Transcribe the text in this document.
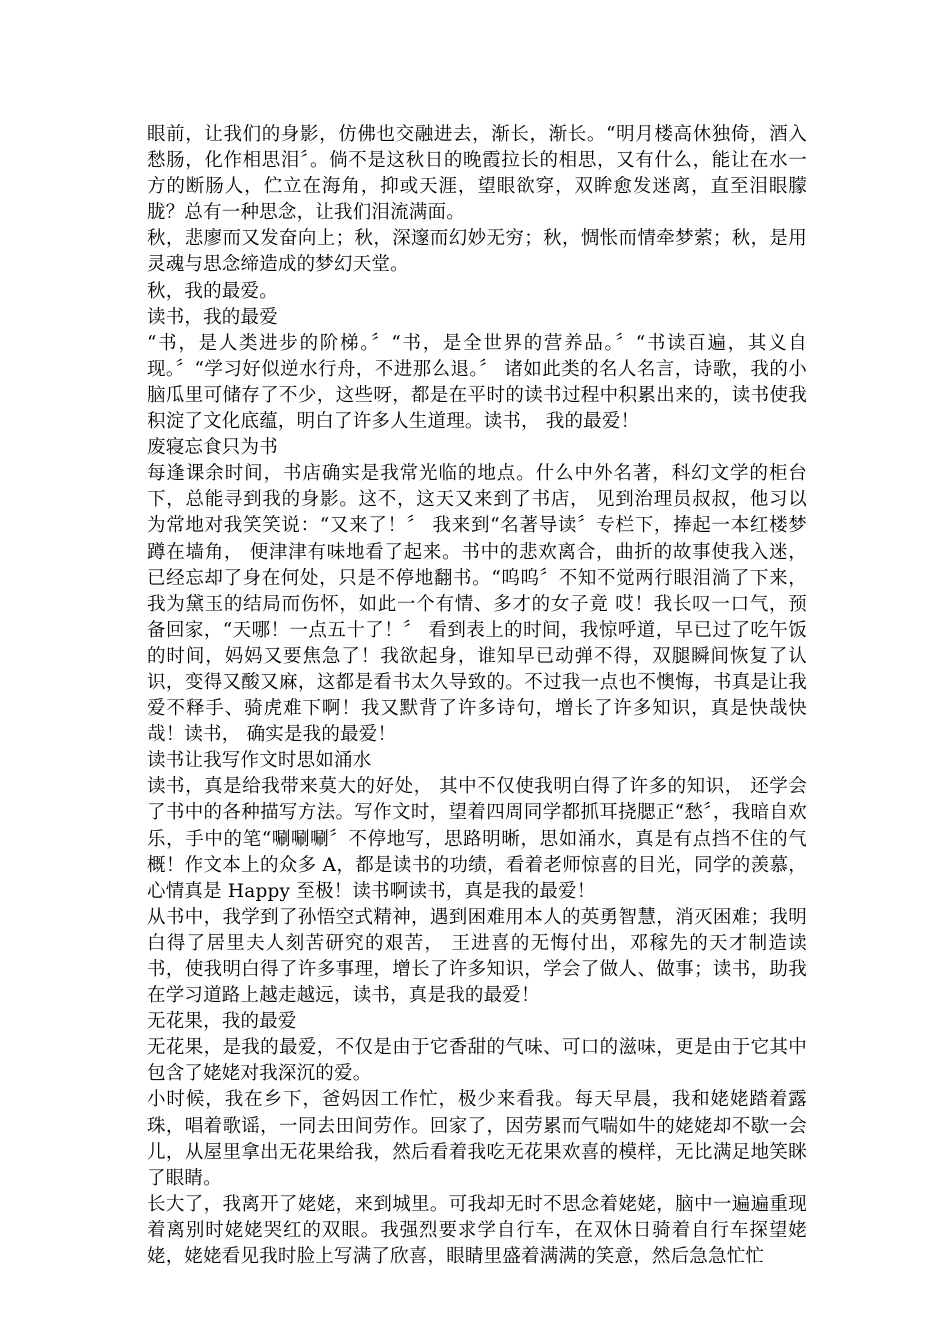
眼前，让我们的身影，仿佛也交融进去，渐长，渐长。“明月楼高休独倚，酒入愁肠，化作相思泪〞。倘不是这秋日的晚霞拉长的相思，又有什么，能让在水一方的断肠人，伫立在海角，抑或天涯，望眼欲穿，双眸愈发迷离，直至泪眼朦胧？总有一种思念，让我们泪流满面。

秋，悲廖而又发奋向上；秋，深邃而幻妙无穷；秋，惆怅而情牵梦萦；秋，是用灵魂与思念缔造成的梦幻天堂。

秋，我的最爱。

读书，我的最爱

“书，是人类进步的阶梯。〞“书，是全世界的营养品。〞“书读百遍，其义自现。〞“学习好似逆水行舟，不进那么退。〞 诸如此类的名人名言，诗歌，我的小脑瓜里可储存了不少，这些呀，都是在平时的读书过程中积累出来的，读书使我积淀了文化底蕴，明白了许多人生道理。读书， 我的最爱！

废寝忘食只为书

每逢课余时间，书店确实是我常光临的地点。什么中外名著，科幻文学的柜台下，总能寻到我的身影。这不，这天又来到了书店， 见到治理员叔叔，他习以为常地对我笑笑说：“又来了！〞 我来到“名著导读〞专栏下，捧起一本红楼梦蹲在墙角， 便津津有味地看了起来。书中的悲欢离合，曲折的故事使我入迷，已经忘却了身在何处，只是不停地翻书。“呜呜〞不知不觉两行眼泪淌了下来，我为黛玉的结局而伤怀，如此一个有情、多才的女子竟 哎！我长叹一口气，预备回家，“天哪！一点五十了！〞 看到表上的时间，我惊呼道，早已过了吃午饭的时间，妈妈又要焦急了！我欲起身，谁知早已动弹不得，双腿瞬间恢复了认识，变得又酸又麻，这都是看书太久导致的。不过我一点也不懊悔，书真是让我爱不释手、骑虎难下啊！我又默背了许多诗句，增长了许多知识，真是快哉快哉！读书， 确实是我的最爱！

读书让我写作文时思如涌水

读书，真是给我带来莫大的好处， 其中不仅使我明白得了许多的知识， 还学会了书中的各种描写方法。写作文时，望着四周同学都抓耳挠腮正“愁〞，我暗自欢乐，手中的笔“唰唰唰〞不停地写，思路明晰，思如涌水，真是有点挡不住的气概！作文本上的众多 A，都是读书的功绩，看着老师惊喜的目光，同学的羡慕，心情真是 Happy 至极！读书啊读书，真是我的最爱！

从书中，我学到了孙悟空式精神，遇到困难用本人的英勇智慧，消灭困难；我明白得了居里夫人刻苦研究的艰苦， 王进喜的无悔付出，邓稼先的天才制造读书，使我明白得了许多事理，增长了许多知识，学会了做人、做事；读书，助我在学习道路上越走越远，读书，真是我的最爱！

无花果，我的最爱

无花果，是我的最爱，不仅是由于它香甜的气味、可口的滋味，更是由于它其中包含了姥姥对我深沉的爱。

小时候，我在乡下，爸妈因工作忙，极少来看我。每天早晨，我和姥姥踏着露珠，唱着歌谣，一同去田间劳作。回家了，因劳累而气喘如牛的姥姥却不歇一会儿，从屋里拿出无花果给我，然后看着我吃无花果欢喜的模样，无比满足地笑眯了眼睛。

长大了，我离开了姥姥，来到城里。可我却无时不思念着姥姥，脑中一遍遍重现着离别时姥姥哭红的双眼。我强烈要求学自行车，在双休日骑着自行车探望姥姥，姥姥看见我时脸上写满了欣喜，眼睛里盛着满满的笑意，然后急急忙忙
